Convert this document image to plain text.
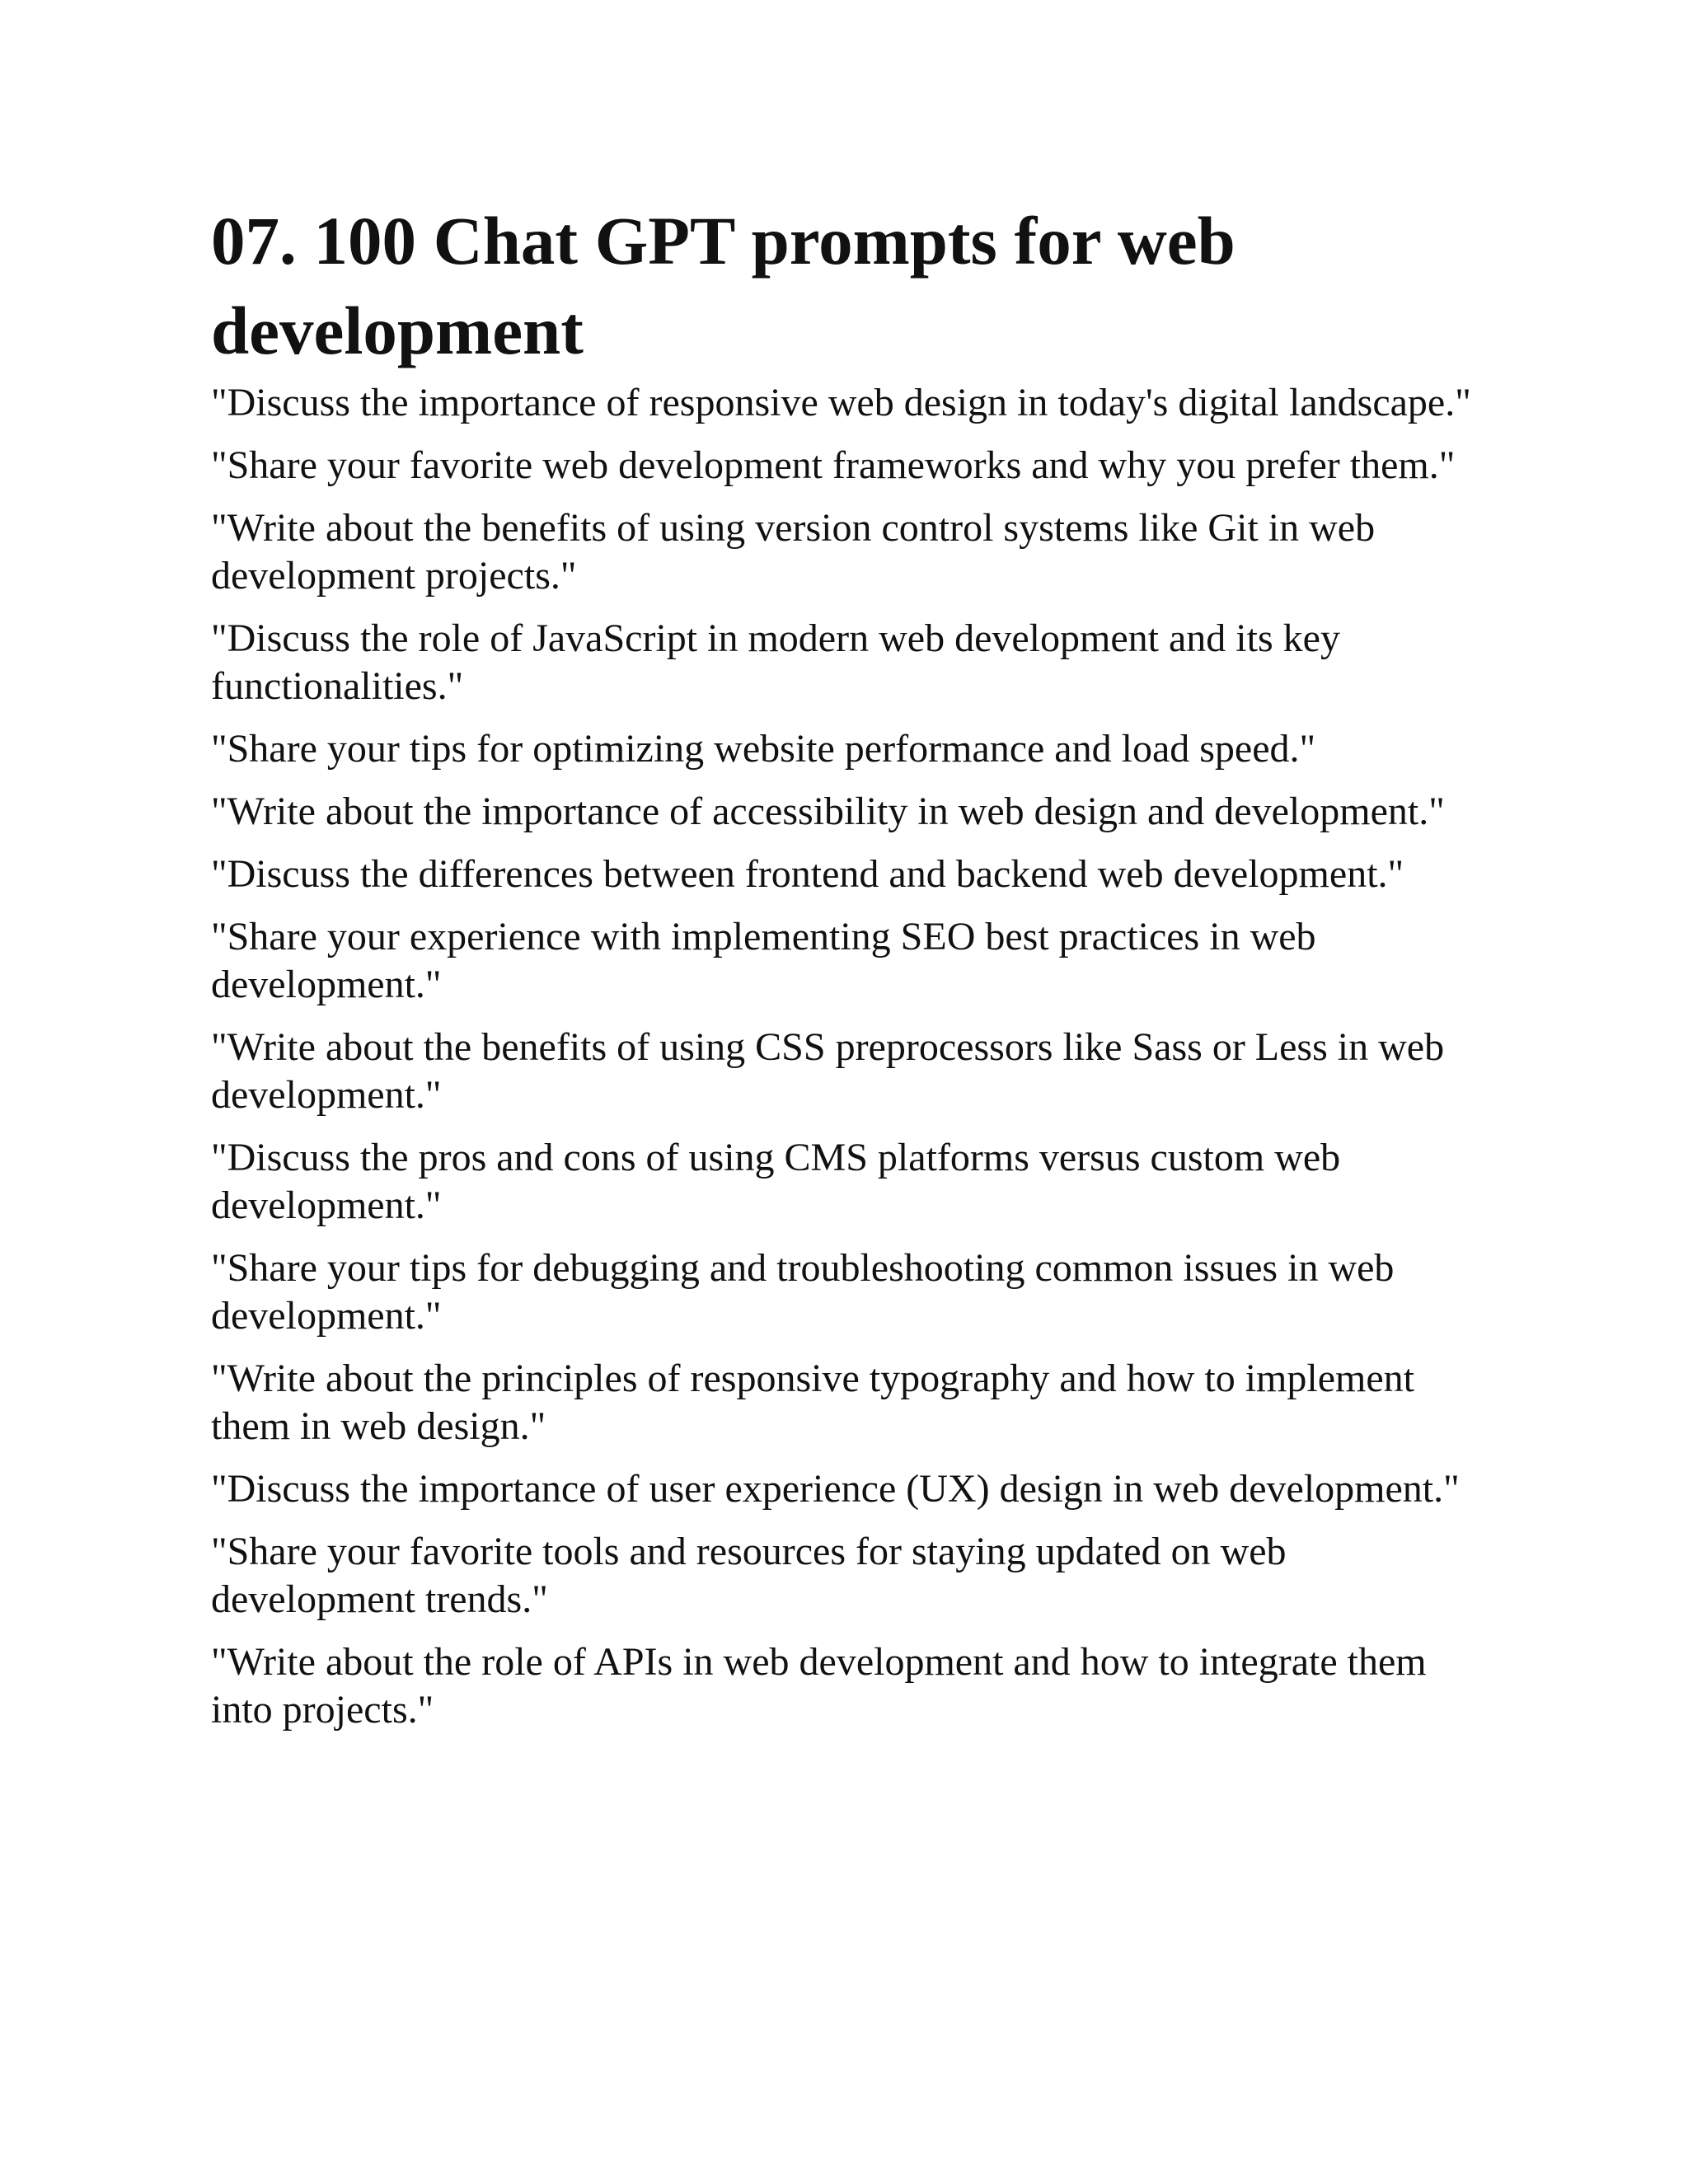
07. 100 Chat GPT prompts for web development
"Discuss the importance of responsive web design in today's digital landscape."
"Share your favorite web development frameworks and why you prefer them."
"Write about the benefits of using version control systems like Git in web development projects."
"Discuss the role of JavaScript in modern web development and its key functionalities."
"Share your tips for optimizing website performance and load speed."
"Write about the importance of accessibility in web design and development."
"Discuss the differences between frontend and backend web development."
"Share your experience with implementing SEO best practices in web development."
"Write about the benefits of using CSS preprocessors like Sass or Less in web development."
"Discuss the pros and cons of using CMS platforms versus custom web development."
"Share your tips for debugging and troubleshooting common issues in web development."
"Write about the principles of responsive typography and how to implement them in web design."
"Discuss the importance of user experience (UX) design in web development."
"Share your favorite tools and resources for staying updated on web development trends."
"Write about the role of APIs in web development and how to integrate them into projects."
